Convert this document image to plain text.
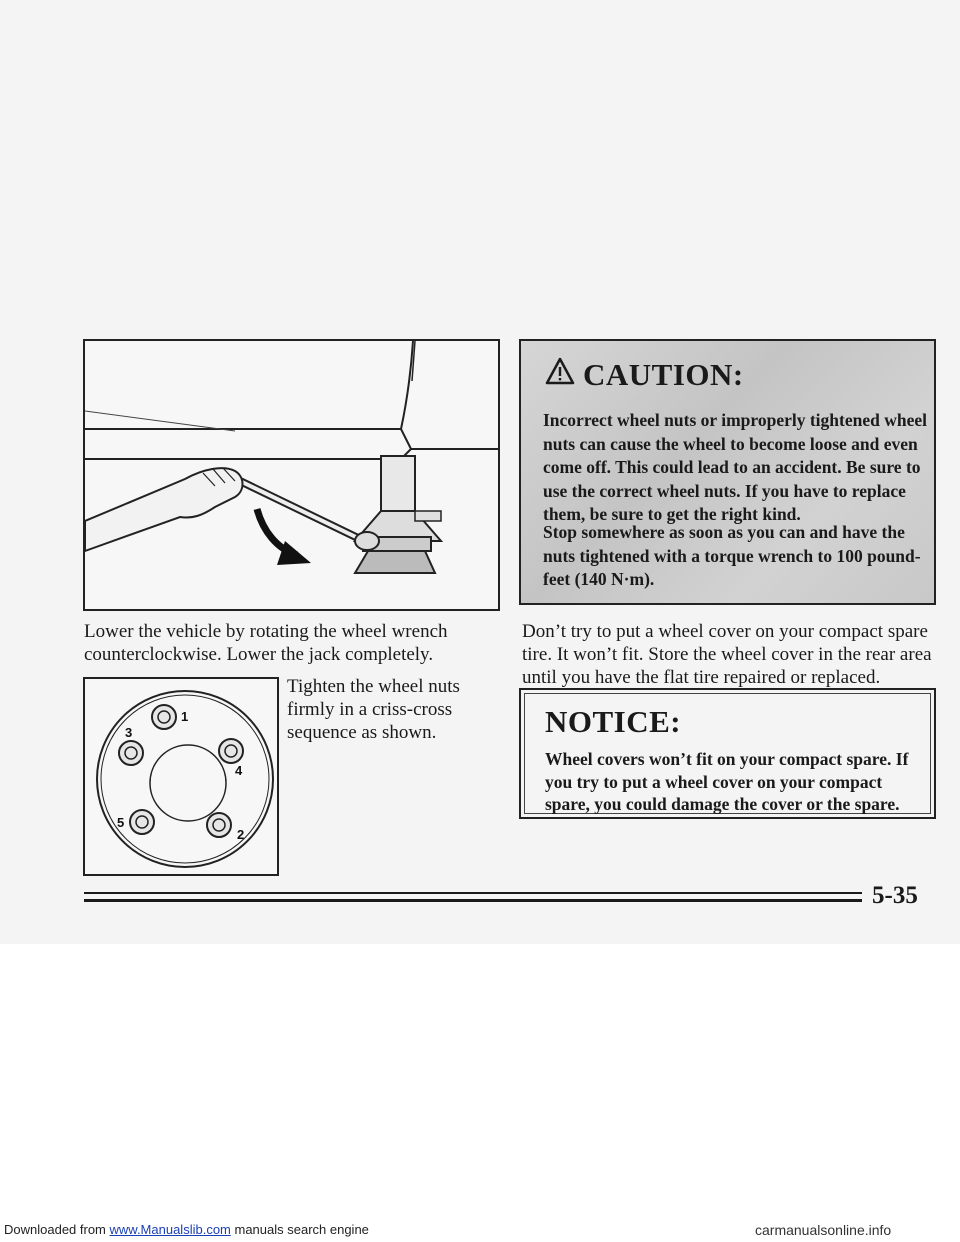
Lower the vehicle by rotating the wheel wrench counterclockwise. Lower the jack completely.

1
2
3
4
5

Tighten the wheel nuts firmly in a criss-cross sequence as shown.

CAUTION:

Incorrect wheel nuts or improperly tightened wheel nuts can cause the wheel to become loose and even come off. This could lead to an accident. Be sure to use the correct wheel nuts. If you have to replace them, be sure to get the right kind.

Stop somewhere as soon as you can and have the nuts tightened with a torque wrench to 100 pound-feet (140 N·m).

Don’t try to put a wheel cover on your compact spare tire. It won’t fit. Store the wheel cover in the rear area until you have the flat tire repaired or replaced.

NOTICE:

Wheel covers won’t fit on your compact spare. If you try to put a wheel cover on your compact spare, you could damage the cover or the spare.

5-35
Downloaded from www.Manualslib.com manuals search engine	carmanualsonline.info
